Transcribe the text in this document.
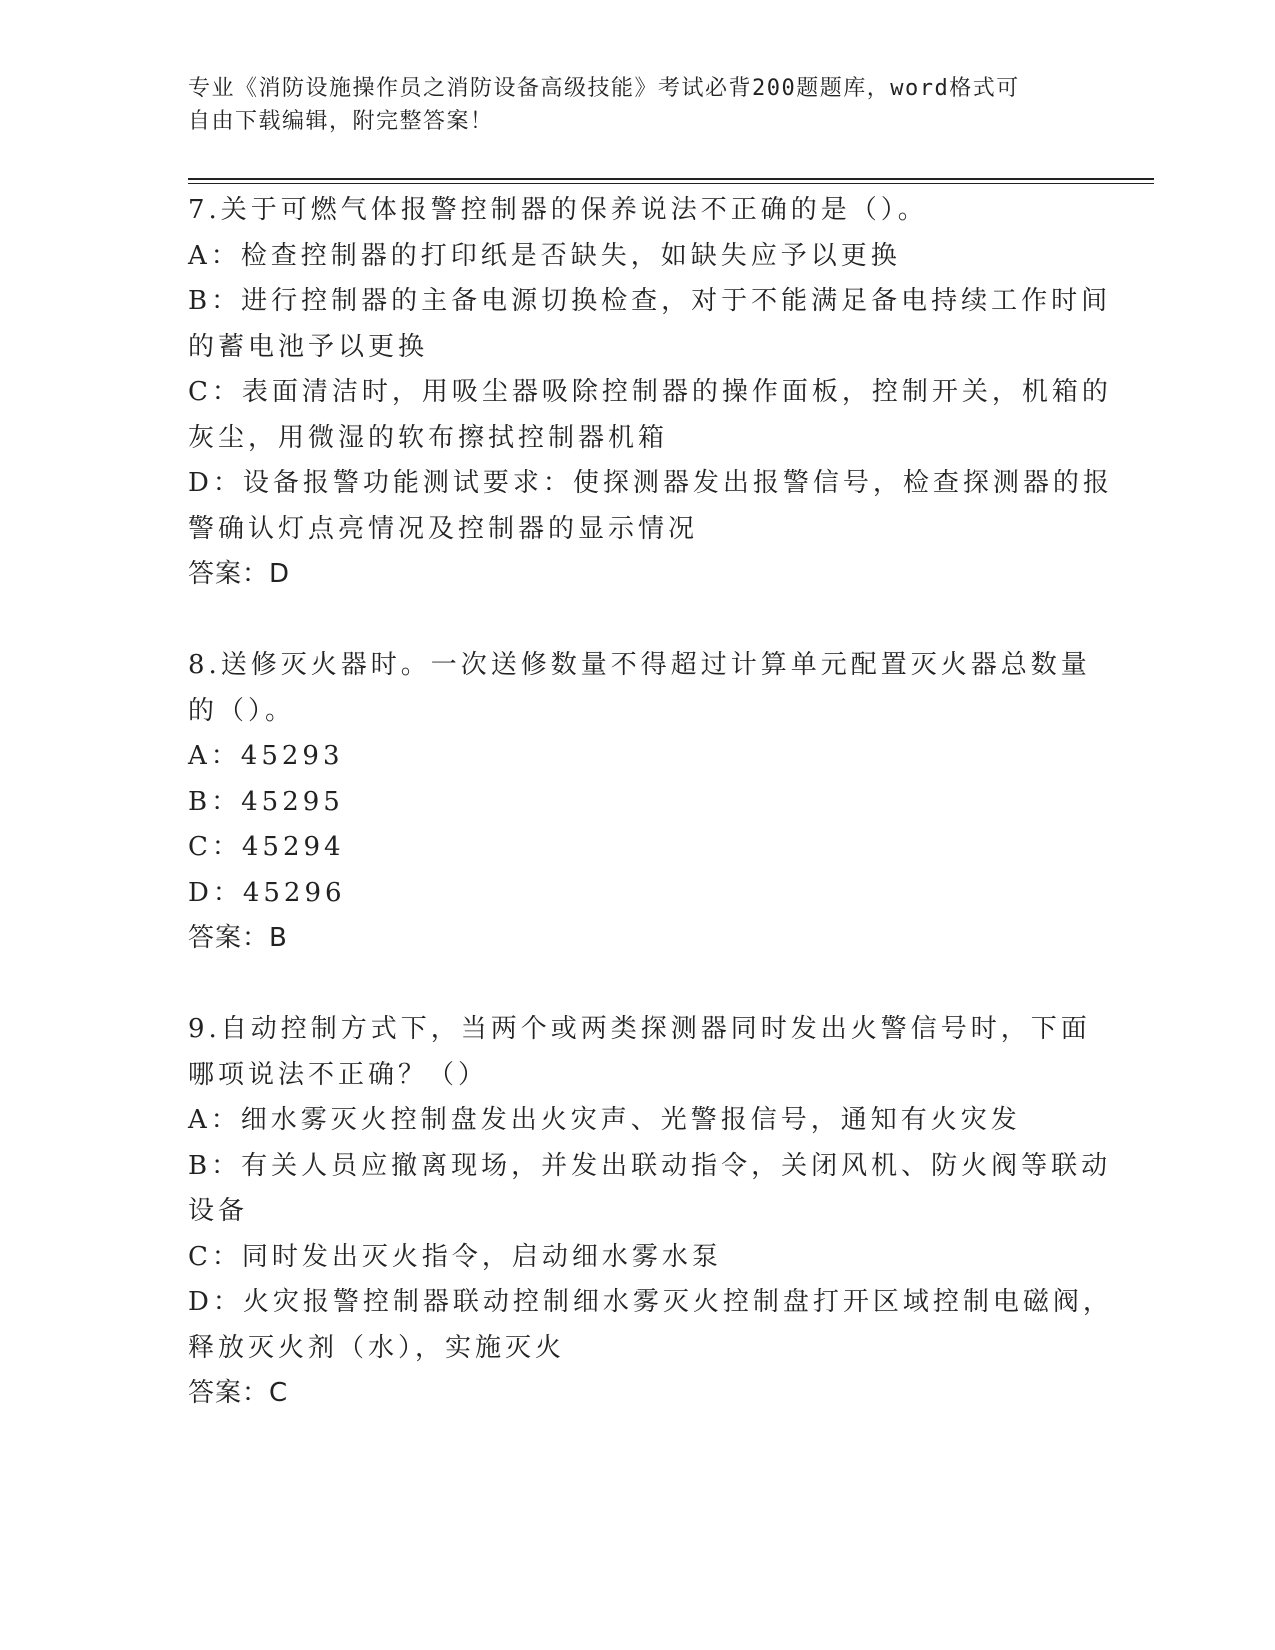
专业《消防设施操作员之消防设备高级技能》考试必背200题题库，word格式可
自由下载编辑，附完整答案！

7.关于可燃气体报警控制器的保养说法不正确的是（）。

A：检查控制器的打印纸是否缺失，如缺失应予以更换

B：进行控制器的主备电源切换检查，对于不能满足备电持续工作时间

的蓄电池予以更换

C：表面清洁时，用吸尘器吸除控制器的操作面板，控制开关，机箱的

灰尘，用微湿的软布擦拭控制器机箱

D：设备报警功能测试要求：使探测器发出报警信号，检查探测器的报

警确认灯点亮情况及控制器的显示情况

答案：D

8.送修灭火器时。一次送修数量不得超过计算单元配置灭火器总数量

的（）。

A：45293

B：45295

C：45294

D：45296

答案：B

9.自动控制方式下，当两个或两类探测器同时发出火警信号时，下面

哪项说法不正确？（）

A：细水雾灭火控制盘发出火灾声、光警报信号，通知有火灾发

B：有关人员应撤离现场，并发出联动指令，关闭风机、防火阀等联动

设备

C：同时发出灭火指令，启动细水雾水泵

D：火灾报警控制器联动控制细水雾灭火控制盘打开区域控制电磁阀，

释放灭火剂（水），实施灭火

答案：C
